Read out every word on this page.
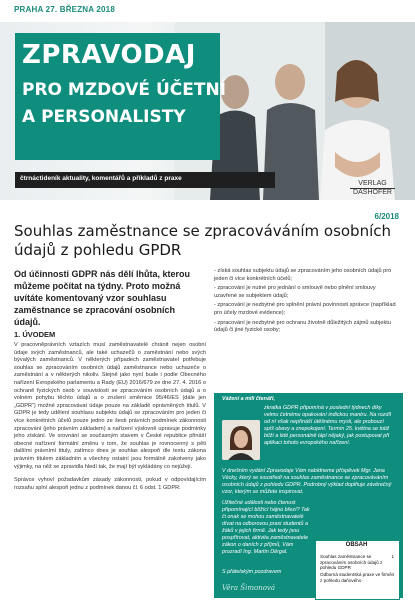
PRAHA 27. BŘEZNA 2018
ZPRAVODAJ
PRO MZDOVÉ ÚČETNÍ
A PERSONALISTY
čtrnáctideník aktuality, komentářů a příkladů z praxe
VERLAG
DASHOFER
6/2018
Souhlas zaměstnance se zpracováváním osobních údajů z pohledu GPDR
Od účinnosti GDPR nás dělí lhůta, kterou můžeme počítat na týdny. Proto možná uvítáte komentovaný vzor souhlasu zaměstnance se zpracování osobních údajů.
1. ÚVODEM

V pracovněprávních vztazích musí zaměstnavatelé chránit nejen osobní údaje svých zaměstnanců, ale také uchazečů o zaměstnání nebo svých bývalých zaměstnanců. V některých případech zaměstnavatel potřebuje souhlas se zpracováním osobních údajů zaměstnance nebo uchazeče o zaměstnání a v některých nikoliv. Stejně jako nyní bude i podle Obecného nařízení Evropského parlamentu a Rady (EU) 2016/679 ze dne 27. 4. 2016 o ochraně fyzických osob v souvislosti se zpracováním osobních údajů a o volném pohybu těchto údajů a o zrušení směrnice 95/46/ES (dále jen „GDPR“) možné zpracovávat údaje pouze na základě oprávněných titulů. V GDPR je tedy udělení souhlasu subjektu údajů se zpracováním pro jeden či více konkrétních účelů pouze jedno ze šesti právních podmínek zákonnosti zpracování (jeho právním základem) a nařízení výslovně upravuje podmínky jeho získání. Ve srovnání se současným stavem v České republice přináší obecné nařízení formální změnu v tom, že souhlas je rovnocenný s pěti dalšími právními tituly, zatímco dnes je souhlas alespoň dle textu zákona právním titulem základním a všechny ostatní jsou formálně zakotveny jako výjimky, na něž se zpravidla hledí tak, že mají být vykládány co nejúžeji.

Správce vyhoví požadavkům zásady zákonnosti, pokud v odpovídajícím rozsahu splní alespoň jednu z podmínek danou čl. 6 odst. 1 GDPR:

- získá souhlas subjektu údajů se zpracováním jeho osobních údajů pro jeden či více konkrétních účelů;
- zpracování je nutné pro jednání o smlouvě nebo plnění smlouvy uzavřené se subjektem údajů;
- zpracování je nezbytné pro splnění právní povinnosti správce (například pro účely mzdové evidence);
- zpracování je nezbytné pro ochranu životně důležitých zájmů subjektu údajů či jiné fyzické osoby;
Vážení a milí čtenáři,
zkratka GDPR připomíná v poslední týdnech díky velmu četnému opakování indickou mantru. Na rozdíl od ní však nepřináší útěšnému mysli, ale probouzí spíš obavy a znepokojení. Termín 25. května se totiž blíží a lidé personálně tápí nějaký, jak postupovat při aplikaci tohoto evropského nařízení.
V dnešním vydání Zpravodaje Vám nabídneme příspěvek Mgr. Jana Vécky, který se soustředí na souhlas zaměstnance se zpracováváním osobních údajů z pohledu GDPR. Podrobný výklad doplňuje závěrečný vzor, kterým se můžete inspirovat.
Užitečné události nebo čtenost připomínající blížící hájno březí? Tak či onak se mohou zaměstnavatelé dívat na odborovou praxi studentů a žáků v jejich firmě. Jak tedy jsou pospřírovat, aktivita zaměstnavatele zákon o daních z příjmů, Vám prozradí Ing. Martin Děrgal.
S přátelským pozdravem
Věra Šimonová
OBSAH
Souhlas zaměstnance se zpracováním osobních údajů z pohledu GDPR
1
Odborná studentská praxe ve firmě z pohledu daňového
4
